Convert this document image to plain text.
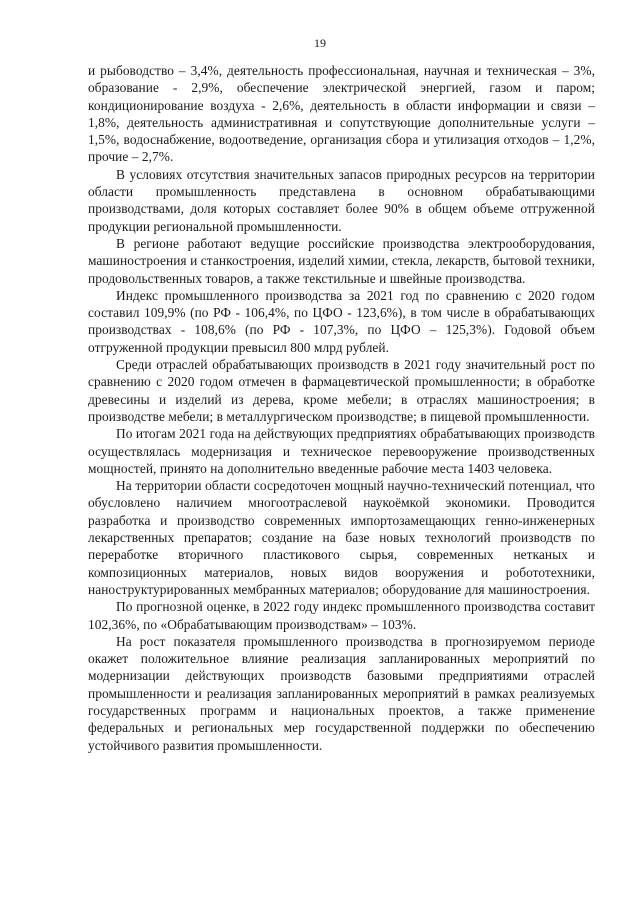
19

и рыбоводство – 3,4%, деятельность профессиональная, научная и техническая – 3%, образование - 2,9%, обеспечение электрической энергией, газом и паром; кондиционирование воздуха - 2,6%, деятельность в области информации и связи – 1,8%, деятельность административная и сопутствующие дополнительные услуги – 1,5%, водоснабжение, водоотведение, организация сбора и утилизация отходов – 1,2%, прочие – 2,7%.

В условиях отсутствия значительных запасов природных ресурсов на территории области промышленность представлена в основном обрабатывающими производствами, доля которых составляет более 90% в общем объеме отгруженной продукции региональной промышленности.

В регионе работают ведущие российские производства электрооборудования, машиностроения и станкостроения, изделий химии, стекла, лекарств, бытовой техники, продовольственных товаров, а также текстильные и швейные производства.

Индекс промышленного производства за 2021 год по сравнению с 2020 годом составил 109,9% (по РФ - 106,4%, по ЦФО - 123,6%), в том числе в обрабатывающих производствах - 108,6% (по РФ - 107,3%, по ЦФО – 125,3%). Годовой объем отгруженной продукции превысил 800 млрд рублей.

Среди отраслей обрабатывающих производств в 2021 году значительный рост по сравнению с 2020 годом отмечен в фармацевтической промышленности; в обработке древесины и изделий из дерева, кроме мебели; в отраслях машиностроения; в производстве мебели; в металлургическом производстве; в пищевой промышленности.

По итогам 2021 года на действующих предприятиях обрабатывающих производств осуществлялась модернизация и техническое перевооружение производственных мощностей, принято на дополнительно введенные рабочие места 1403 человека.

На территории области сосредоточен мощный научно-технический потенциал, что обусловлено наличием многоотраслевой наукоёмкой экономики. Проводится разработка и производство современных импортозамещающих генно-инженерных лекарственных препаратов; создание на базе новых технологий производств по переработке вторичного пластикового сырья, современных нетканых и композиционных материалов, новых видов вооружения и робототехники, наноструктурированных мембранных материалов; оборудование для машиностроения.

По прогнозной оценке, в 2022 году индекс промышленного производства составит 102,36%, по «Обрабатывающим производствам» – 103%.

На рост показателя промышленного производства в прогнозируемом периоде окажет положительное влияние реализация запланированных мероприятий по модернизации действующих производств базовыми предприятиями отраслей промышленности и реализация запланированных мероприятий в рамках реализуемых государственных программ и национальных проектов, а также применение федеральных и региональных мер государственной поддержки по обеспечению устойчивого развития промышленности.
